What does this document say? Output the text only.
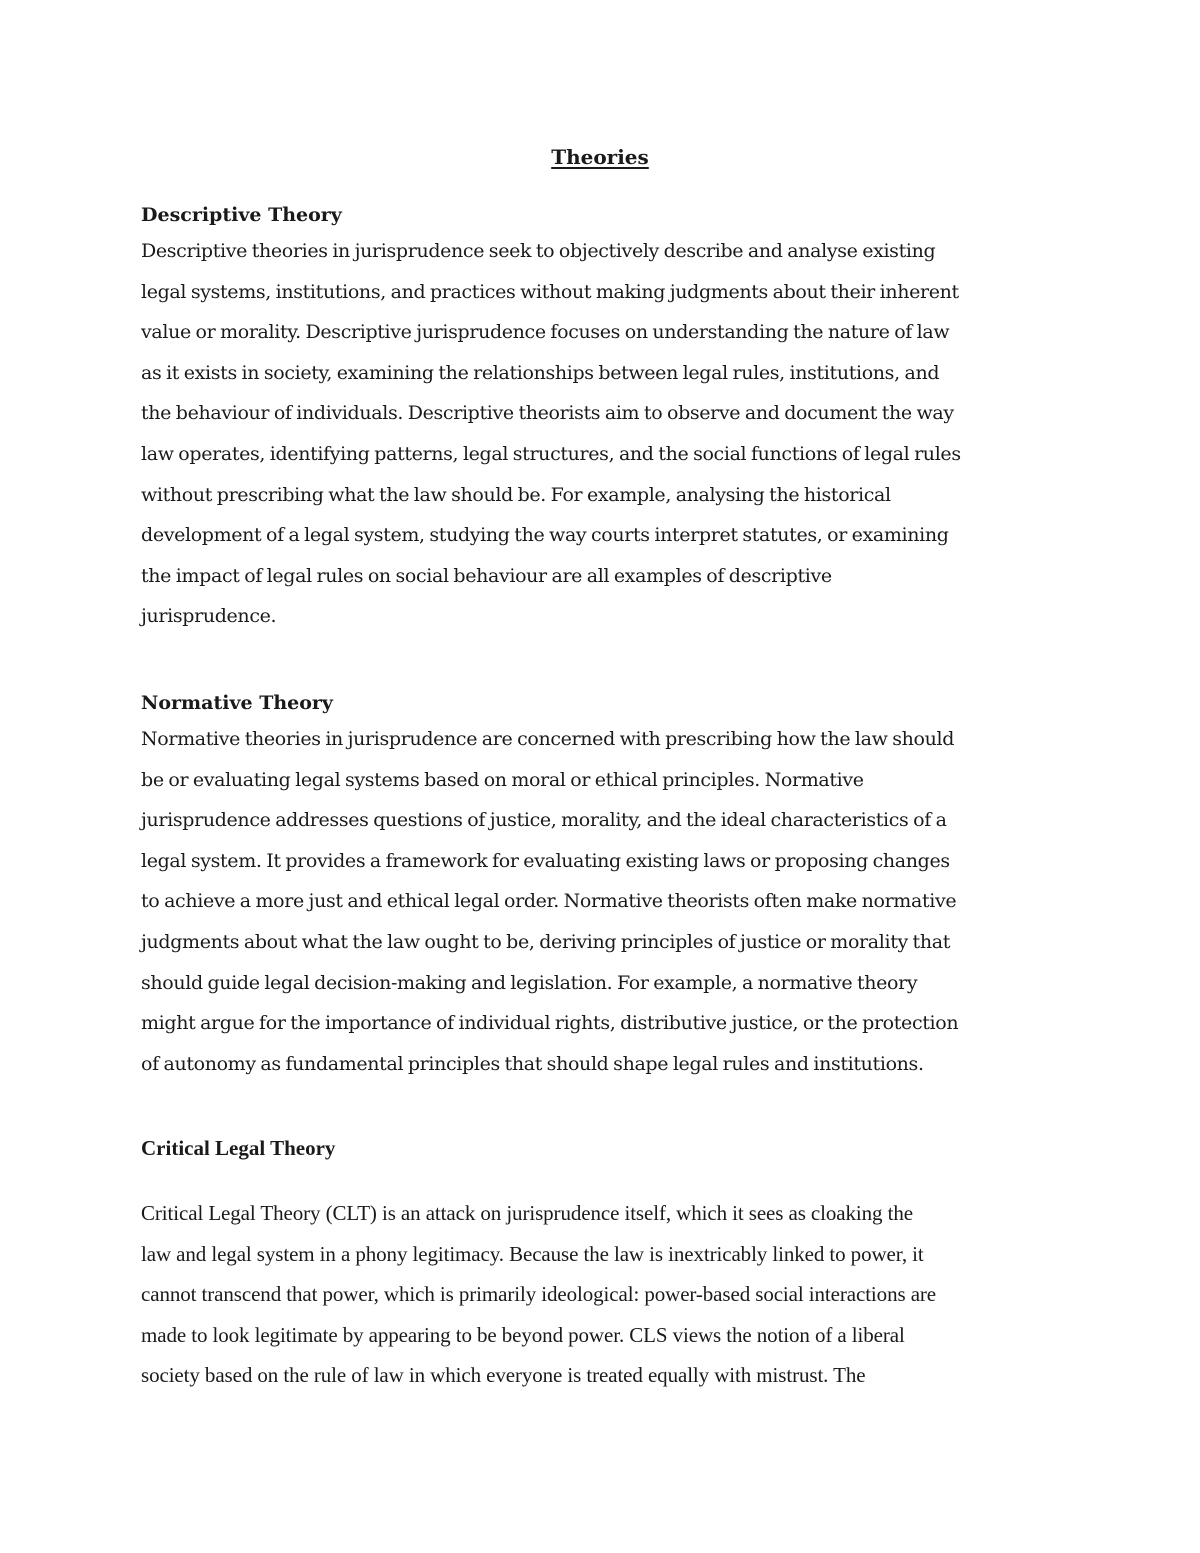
Theories
Descriptive Theory

Descriptive theories in jurisprudence seek to objectively describe and analyse existing
legal systems, institutions, and practices without making judgments about their inherent
value or morality. Descriptive jurisprudence focuses on understanding the nature of law
as it exists in society, examining the relationships between legal rules, institutions, and
the behaviour of individuals. Descriptive theorists aim to observe and document the way
law operates, identifying patterns, legal structures, and the social functions of legal rules
without prescribing what the law should be. For example, analysing the historical
development of a legal system, studying the way courts interpret statutes, or examining
the impact of legal rules on social behaviour are all examples of descriptive
jurisprudence.

Normative Theory

Normative theories in jurisprudence are concerned with prescribing how the law should
be or evaluating legal systems based on moral or ethical principles. Normative
jurisprudence addresses questions of justice, morality, and the ideal characteristics of a
legal system. It provides a framework for evaluating existing laws or proposing changes
to achieve a more just and ethical legal order. Normative theorists often make normative
judgments about what the law ought to be, deriving principles of justice or morality that
should guide legal decision-making and legislation. For example, a normative theory
might argue for the importance of individual rights, distributive justice, or the protection
of autonomy as fundamental principles that should shape legal rules and institutions.

Critical Legal Theory

Critical Legal Theory (CLT) is an attack on jurisprudence itself, which it sees as cloaking the
law and legal system in a phony legitimacy. Because the law is inextricably linked to power, it
cannot transcend that power, which is primarily ideological: power-based social interactions are
made to look legitimate by appearing to be beyond power. CLS views the notion of a liberal
society based on the rule of law in which everyone is treated equally with mistrust. The
